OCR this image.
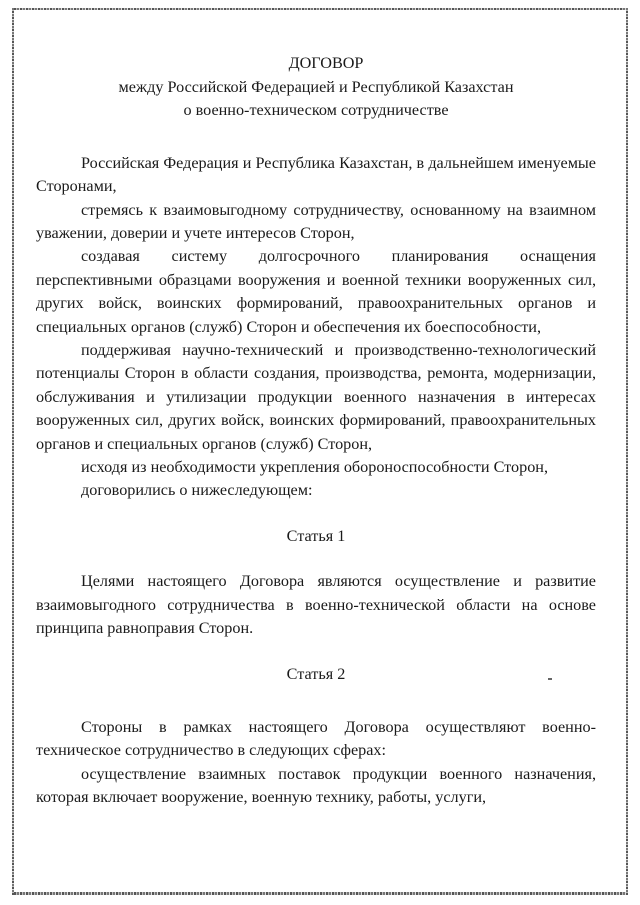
ДОГОВОР
между Российской Федерацией и Республикой Казахстан
о военно-техническом сотрудничестве

Российская Федерация и Республика Казахстан, в дальнейшем именуемые Сторонами,

стремясь к взаимовыгодному сотрудничеству, основанному на взаимном уважении, доверии и учете интересов Сторон,

создавая систему долгосрочного планирования оснащения перспективными образцами вооружения и военной техники вооруженных сил, других войск, воинских формирований, правоохранительных органов и специальных органов (служб) Сторон и обеспечения их боеспособности,

поддерживая научно-технический и производственно-технологический потенциалы Сторон в области создания, производства, ремонта, модернизации, обслуживания и утилизации продукции военного назначения в интересах вооруженных сил, других войск, воинских формирований, правоохранительных органов и специальных органов (служб) Сторон,

исходя из необходимости укрепления обороноспособности Сторон,

договорились о нижеследующем:

Статья 1

Целями настоящего Договора являются осуществление и развитие взаимовыгодного сотрудничества в военно-технической области на основе принципа равноправия Сторон.

Статья 2

Стороны в рамках настоящего Договора осуществляют военно-техническое сотрудничество в следующих сферах:

осуществление взаимных поставок продукции военного назначения, которая включает вооружение, военную технику, работы, услуги,
